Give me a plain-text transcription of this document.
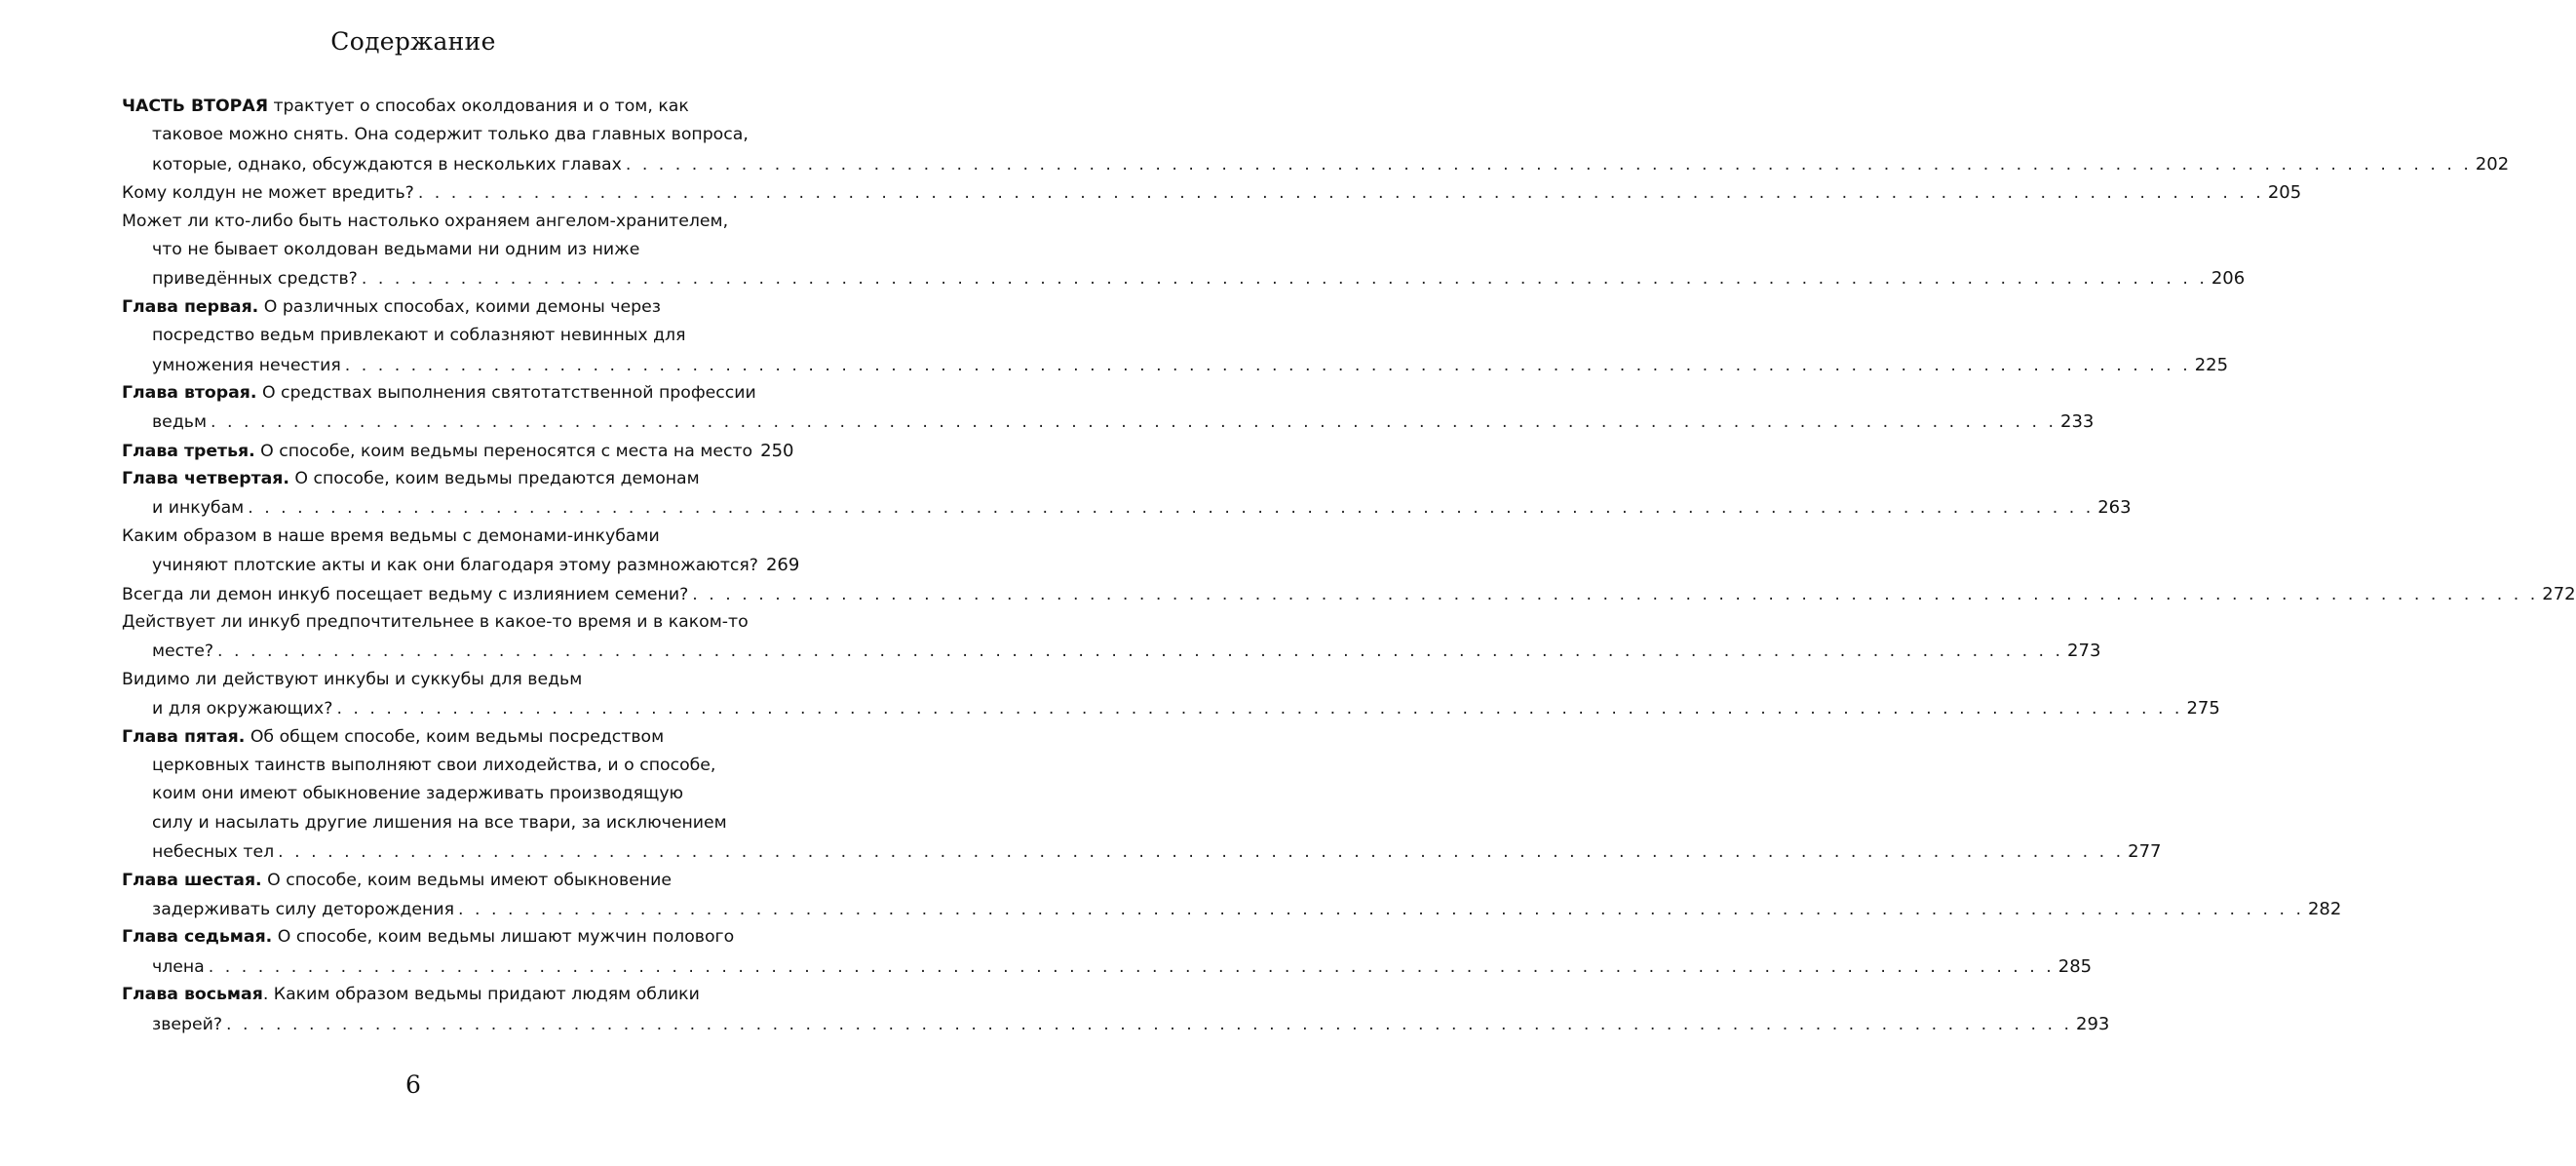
Содержание
ЧАСТЬ ВТОРАЯ трактует о способах околдования и о том, как
таковое можно снять. Она содержит только два главных вопроса,
которые, однако, обсуждаются в нескольких главах . . .	202
Кому колдун не может вредить? . . .	205
Может ли кто-либо быть настолько охраняем ангелом-хранителем,
что не бывает околдован ведьмами ни одним из ниже
приведённых средств? . . .	206
Глава первая. О различных способах, коими демоны через
посредство ведьм привлекают и соблазняют невинных для
умножения нечестия . . .	225
Глава вторая. О средствах выполнения святотатственной профессии
ведьм . . .	233
Глава третья. О способе, коим ведьмы переносятся с места на место 250
Глава четвертая. О способе, коим ведьмы предаются демонам
и инкубам . . .	263
Каким образом в наше время ведьмы с демонами-инкубами
учиняют плотские акты и как они благодаря этому размножаются? 269
Всегда ли демон инкуб посещает ведьму с излиянием семени? . . .	272
Действует ли инкуб предпочтительнее в какое-то время и в каком-то
месте? . . .	273
Видимо ли действуют инкубы и суккубы для ведьм
и для окружающих? . . .	275
Глава пятая. Об общем способе, коим ведьмы посредством
церковных таинств выполняют свои лиходейства, и о способе,
коим они имеют обыкновение задерживать производящую
силу и насылать другие лишения на все твари, за исключением
небесных тел . . .	277
Глава шестая. О способе, коим ведьмы имеют обыкновение
задерживать силу деторождения . . .	282
Глава седьмая. О способе, коим ведьмы лишают мужчин полового
члена . . .	285
Глава восьмая. Каким образом ведьмы придают людям облики
зверей? . . .	293
6
